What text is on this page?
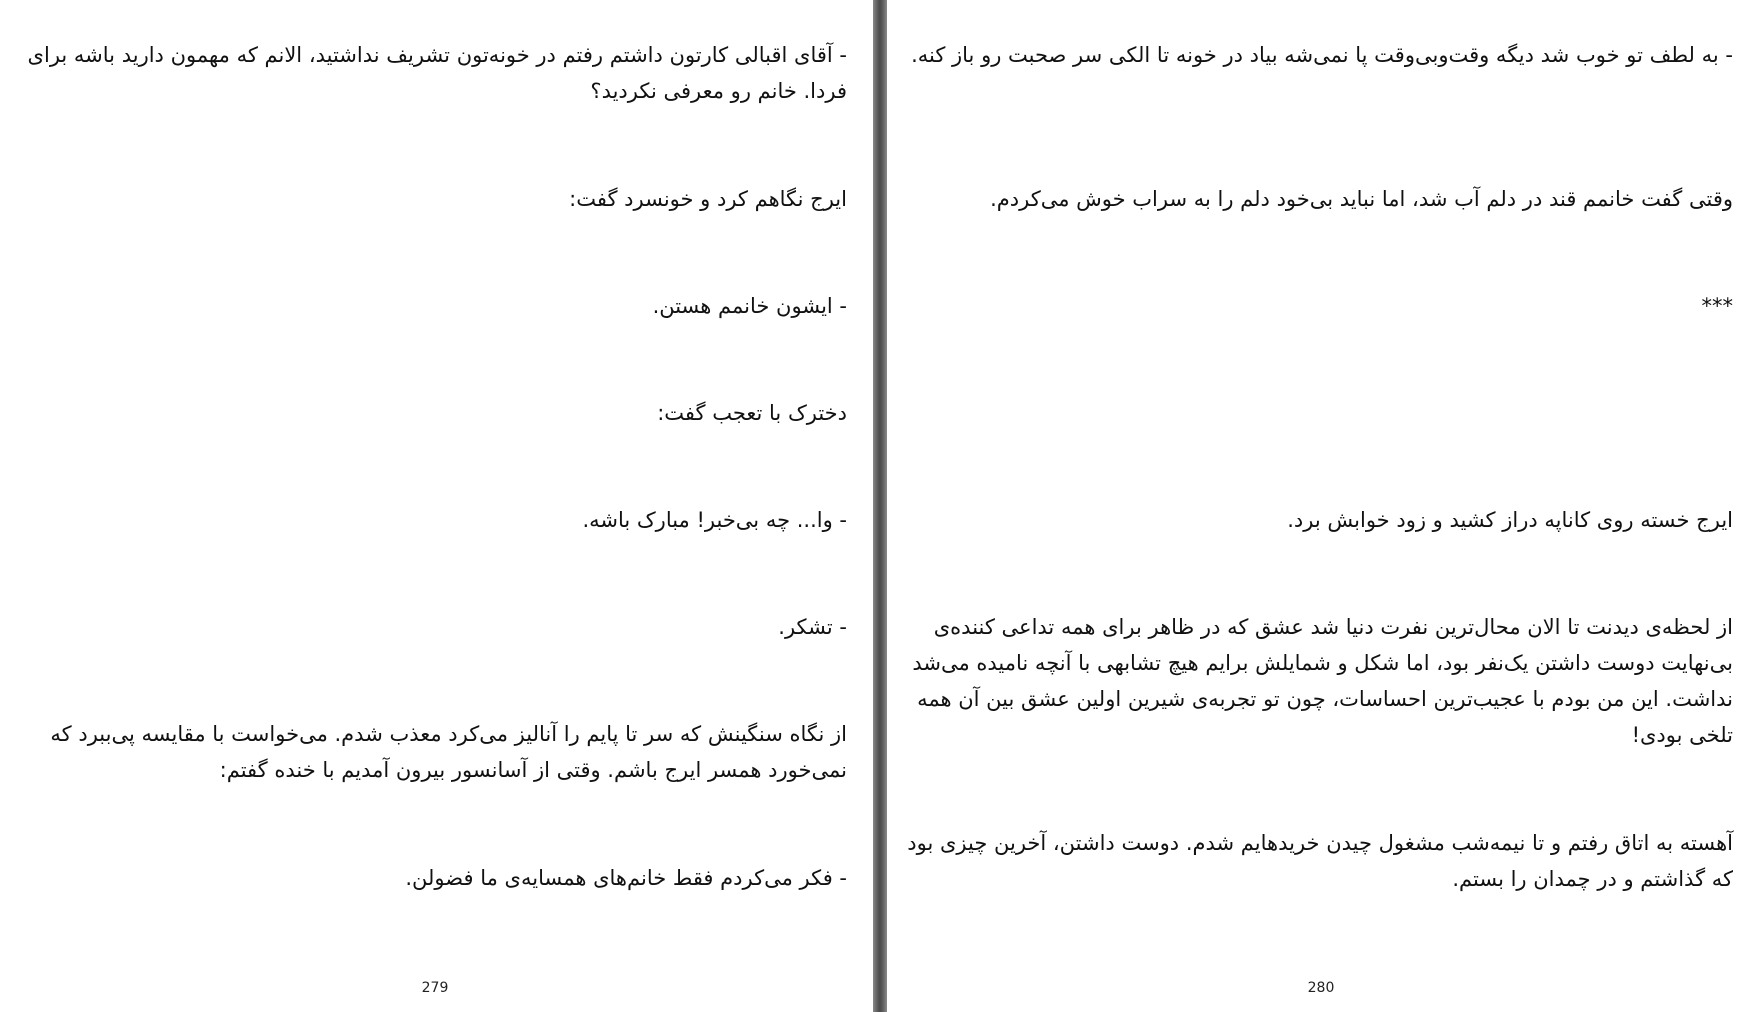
- آقای اقبالی کارتون داشتم رفتم در خونه‌تون تشریف نداشتید، الانم که مهمون دارید باشه برای فردا. خانم رو معرفی نکردید؟

ایرج نگاهم کرد و خونسرد گفت:

- ایشون خانمم هستن.

دخترک با تعجب گفت:

- وا... چه بی‌خبر! مبارک باشه.

- تشکر.

از نگاه سنگینش که سر تا پایم را آنالیز می‌کرد معذب شدم. می‌خواست با مقایسه پی‌ببرد که نمی‌خورد همسر ایرج باشم. وقتی از آسانسور بیرون آمدیم با خنده گفتم:

- فکر می‌کردم فقط خانم‌های همسایه‌ی ما فضولن.

279

- به لطف تو خوب شد دیگه وقت‌وبی‌وقت پا نمی‌شه بیاد در خونه تا الکی سر صحبت رو باز کنه.

وقتی گفت خانمم قند در دلم آب شد، اما نباید بی‌خود دلم را به سراب خوش می‌کردم.

***

ایرج خسته روی کاناپه دراز کشید و زود خوابش برد.

از لحظه‌ی دیدنت تا الان محال‌ترین نفرت دنیا شد عشق که در ظاهر برای همه تداعی کننده‌ی بی‌نهایت دوست داشتن یک‌نفر بود، اما شکل و شمایلش برایم هیچ تشابهی با آنچه نامیده می‌شد نداشت. این من بودم با عجیب‌ترین احساسات، چون تو تجربه‌ی شیرین اولین عشق بین آن همه تلخی بودی!

آهسته به اتاق رفتم و تا نیمه‌شب مشغول چیدن خریدهایم شدم. دوست داشتن، آخرین چیزی بود که گذاشتم و در چمدان را بستم.

280
